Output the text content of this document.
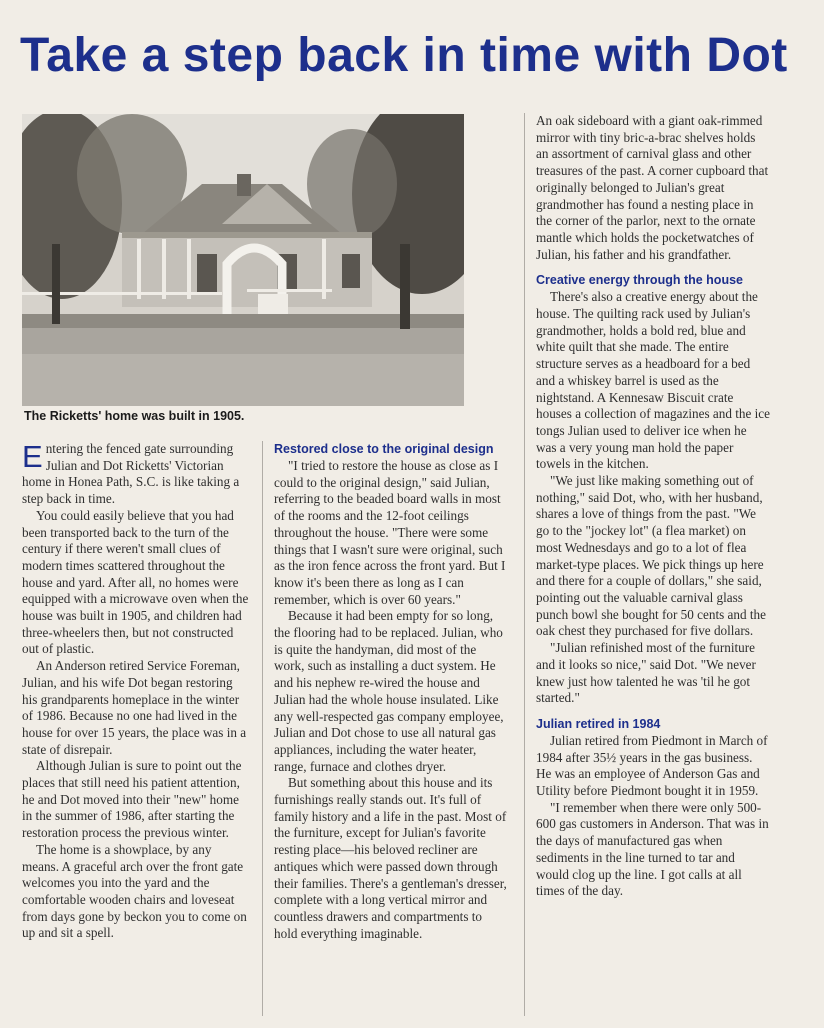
Take a step back in time with Dot
The Ricketts' home was built in 1905.

Entering the fenced gate surrounding Julian and Dot Ricketts' Victorian home in Honea Path, S.C. is like taking a step back in time.

You could easily believe that you had been transported back to the turn of the century if there weren't small clues of modern times scattered throughout the house and yard. After all, no homes were equipped with a microwave oven when the house was built in 1905, and children had three-wheelers then, but not constructed out of plastic.

An Anderson retired Service Foreman, Julian, and his wife Dot began restoring his grandparents homeplace in the winter of 1986. Because no one had lived in the house for over 15 years, the place was in a state of disrepair.

Although Julian is sure to point out the places that still need his patient attention, he and Dot moved into their "new" home in the summer of 1986, after starting the restoration process the previous winter.

The home is a showplace, by any means. A graceful arch over the front gate welcomes you into the yard and the comfortable wooden chairs and loveseat from days gone by beckon you to come on up and sit a spell.

Restored close to the original design

"I tried to restore the house as close as I could to the original design," said Julian, referring to the beaded board walls in most of the rooms and the 12-foot ceilings throughout the house. "There were some things that I wasn't sure were original, such as the iron fence across the front yard. But I know it's been there as long as I can remember, which is over 60 years."

Because it had been empty for so long, the flooring had to be replaced. Julian, who is quite the handyman, did most of the work, such as installing a duct system. He and his nephew re-wired the house and Julian had the whole house insulated. Like any well-respected gas company employee, Julian and Dot chose to use all natural gas appliances, including the water heater, range, furnace and clothes dryer.

But something about this house and its furnishings really stands out. It's full of family history and a life in the past. Most of the furniture, except for Julian's favorite resting place—his beloved recliner are antiques which were passed down through their families. There's a gentleman's dresser, complete with a long vertical mirror and countless drawers and compartments to hold everything imaginable.

An oak sideboard with a giant oak-rimmed mirror with tiny bric-a-brac shelves holds an assortment of carnival glass and other treasures of the past. A corner cupboard that originally belonged to Julian's great grandmother has found a nesting place in the corner of the parlor, next to the ornate mantle which holds the pocketwatches of Julian, his father and his grandfather.

Creative energy through the house

There's also a creative energy about the house. The quilting rack used by Julian's grandmother, holds a bold red, blue and white quilt that she made. The entire structure serves as a headboard for a bed and a whiskey barrel is used as the nightstand. A Kennesaw Biscuit crate houses a collection of magazines and the ice tongs Julian used to deliver ice when he was a very young man hold the paper towels in the kitchen.

"We just like making something out of nothing," said Dot, who, with her husband, shares a love of things from the past. "We go to the "jockey lot" (a flea market) on most Wednesdays and go to a lot of flea market-type places. We pick things up here and there for a couple of dollars," she said, pointing out the valuable carnival glass punch bowl she bought for 50 cents and the oak chest they purchased for five dollars.

"Julian refinished most of the furniture and it looks so nice," said Dot. "We never knew just how talented he was 'til he got started."

Julian retired in 1984

Julian retired from Piedmont in March of 1984 after 35½ years in the gas business. He was an employee of Anderson Gas and Utility before Piedmont bought it in 1959.

"I remember when there were only 500-600 gas customers in Anderson. That was in the days of manufactured gas when sediments in the line turned to tar and would clog up the line. I got calls at all times of the day.
